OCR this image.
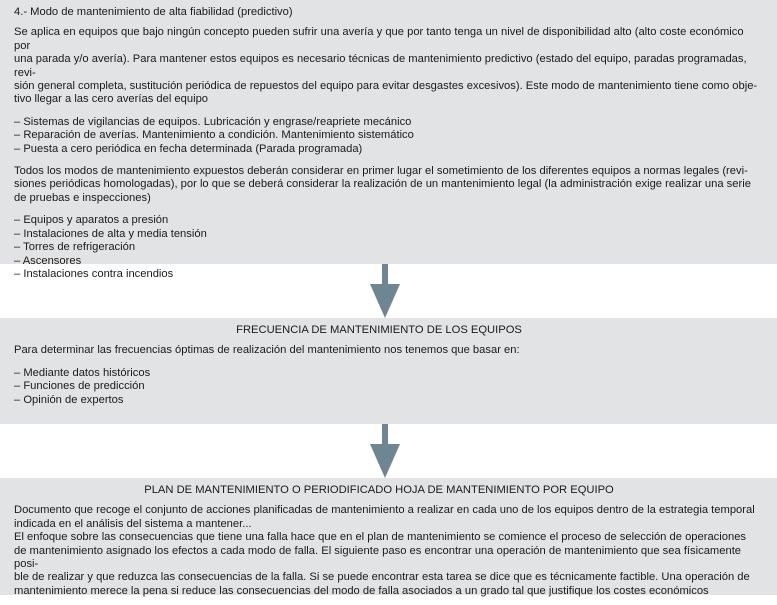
4.- Modo de mantenimiento de alta fiabilidad (predictivo)

Se aplica en equipos que bajo ningún concepto pueden sufrir una avería y que por tanto tenga un nivel de disponibilidad alto (alto coste económico por

una parada y/o avería). Para mantener estos equipos es necesario técnicas de mantenimiento predictivo (estado del equipo, paradas programadas, revi-

sión general completa, sustitución periódica de repuestos del equipo para evitar desgastes excesivos). Este modo de mantenimiento tiene como obje-

tivo llegar a las cero averías del equipo

– Sistemas de vigilancias de equipos. Lubricación y engrase/reapriete mecánico
– Reparación de averías. Mantenimiento a condición. Mantenimiento sistemático
– Puesta a cero periódica en fecha determinada (Parada programada)

Todos los modos de mantenimiento expuestos deberán considerar en primer lugar el sometimiento de los diferentes equipos a normas legales (revi-

siones periódicas homologadas), por lo que se deberá considerar la realización de un mantenimiento legal (la administración exige realizar una serie

de pruebas e inspecciones)

– Equipos y aparatos a presión
– Instalaciones de alta y media tensión
– Torres de refrigeración
– Ascensores
– Instalaciones contra incendios

FRECUENCIA DE MANTENIMIENTO DE LOS EQUIPOS

Para determinar las frecuencias óptimas de realización del mantenimiento nos tenemos que basar en:

– Mediante datos históricos
– Funciones de predicción
– Opinión de expertos

PLAN DE MANTENIMIENTO O PERIODIFICADO HOJA DE MANTENIMIENTO POR EQUIPO

Documento que recoge el conjunto de acciones planificadas de mantenimiento a realizar en cada uno de los equipos dentro de la estrategia temporal

indicada en el análisis del sistema a mantener...

El enfoque sobre las consecuencias que tiene una falla hace que en el plan de mantenimiento se comience el proceso de selección de operaciones

de mantenimiento asignado los efectos a cada modo de falla. El siguiente paso es encontrar una operación de mantenimiento que sea físicamente posi-

ble de realizar y que reduzca las consecuencias de la falla. Si se puede encontrar esta tarea se dice que es técnicamente factible. Una operación de

mantenimiento merece la pena si reduce las consecuencias del modo de falla asociados a un grado tal que justifique los costes económicos
